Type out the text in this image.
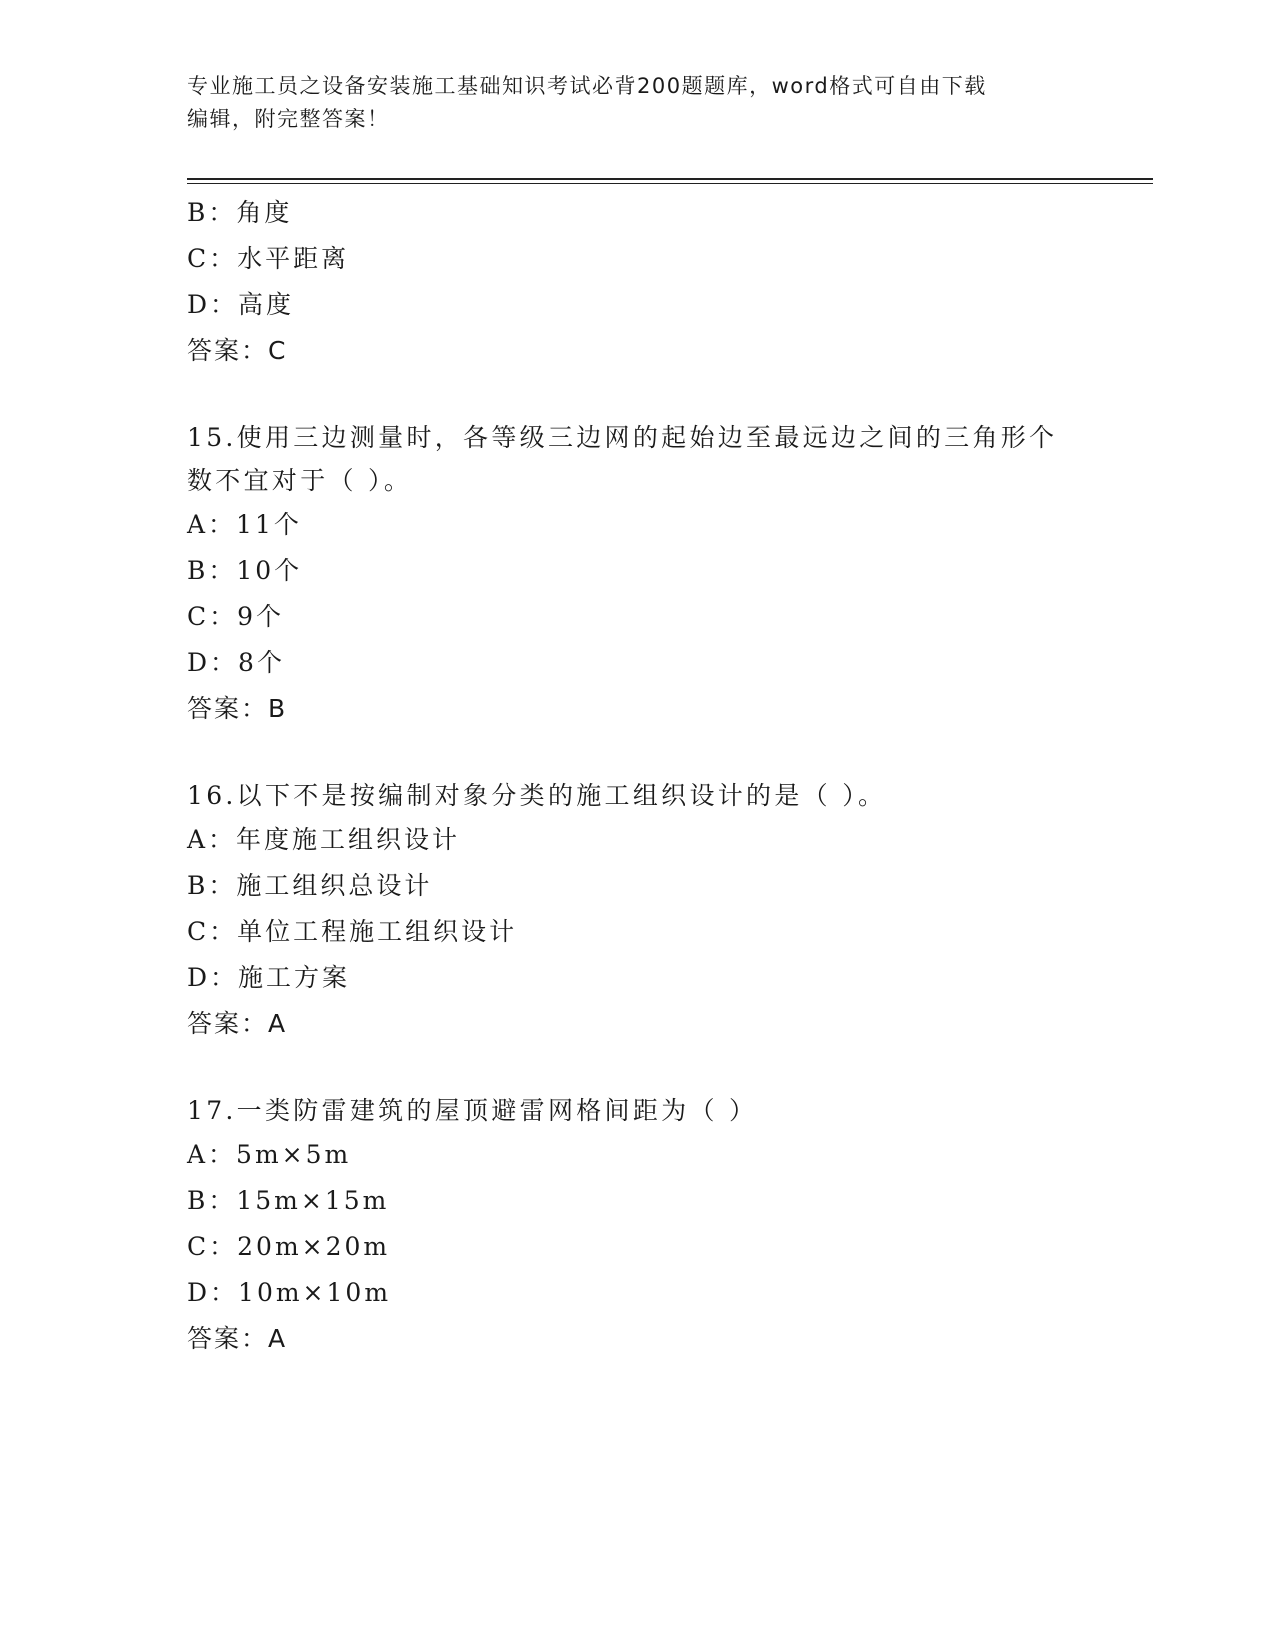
专业施工员之设备安装施工基础知识考试必背200题题库，word格式可自由下载
编辑，附完整答案！
B：角度
C：水平距离
D：高度
答案：C
15.使用三边测量时，各等级三边网的起始边至最远边之间的三角形个
数不宜对于（ ）。
A：11个
B：10个
C：9个
D：8个
答案：B
16.以下不是按编制对象分类的施工组织设计的是（ ）。
A：年度施工组织设计
B：施工组织总设计
C：单位工程施工组织设计
D：施工方案
答案：A
17.一类防雷建筑的屋顶避雷网格间距为（ ）
A：5m×5m
B：15m×15m
C：20m×20m
D：10m×10m
答案：A
